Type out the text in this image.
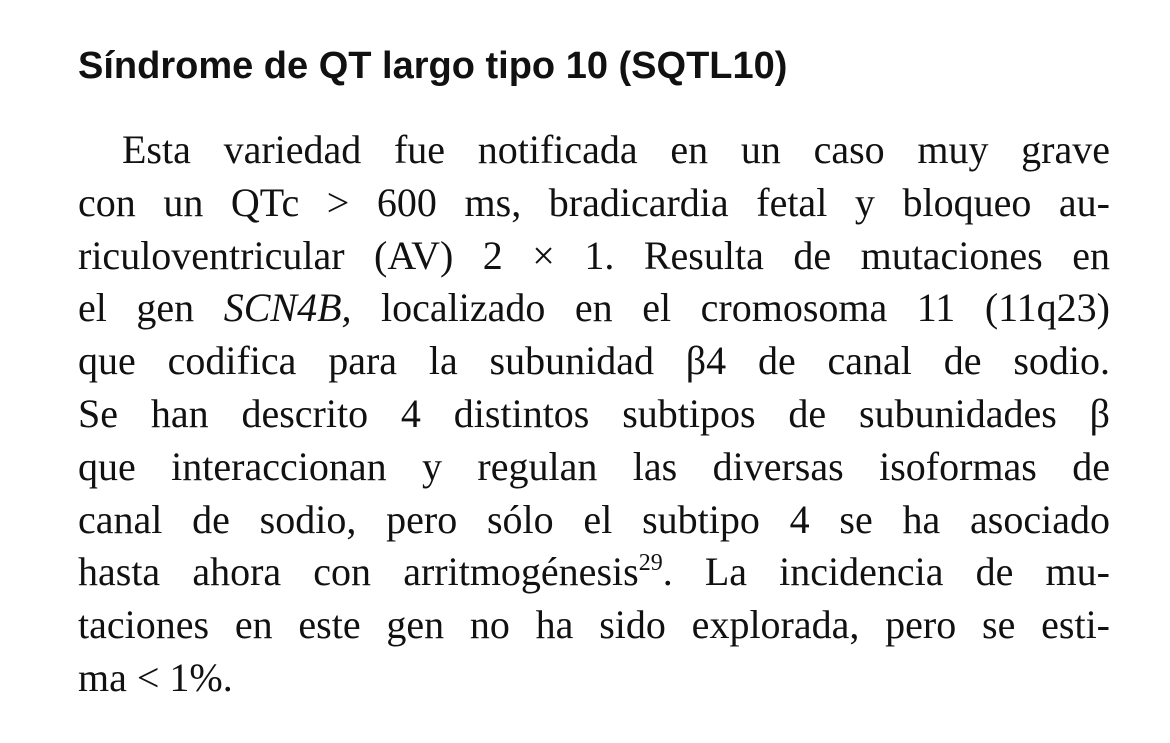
Síndrome de QT largo tipo 10 (SQTL10)
Esta variedad fue notificada en un caso muy grave
con un QTc > 600 ms, bradicardia fetal y bloqueo au-
riculoventricular (AV) 2 × 1. Resulta de mutaciones en
el gen SCN4B, localizado en el cromosoma 11 (11q23)
que codifica para la subunidad β4 de canal de sodio.
Se han descrito 4 distintos subtipos de subunidades β
que interaccionan y regulan las diversas isoformas de
canal de sodio, pero sólo el subtipo 4 se ha asociado
hasta ahora con arritmogénesis$^{29}$. La incidencia de mu-
taciones en este gen no ha sido explorada, pero se esti-
ma < 1%.
